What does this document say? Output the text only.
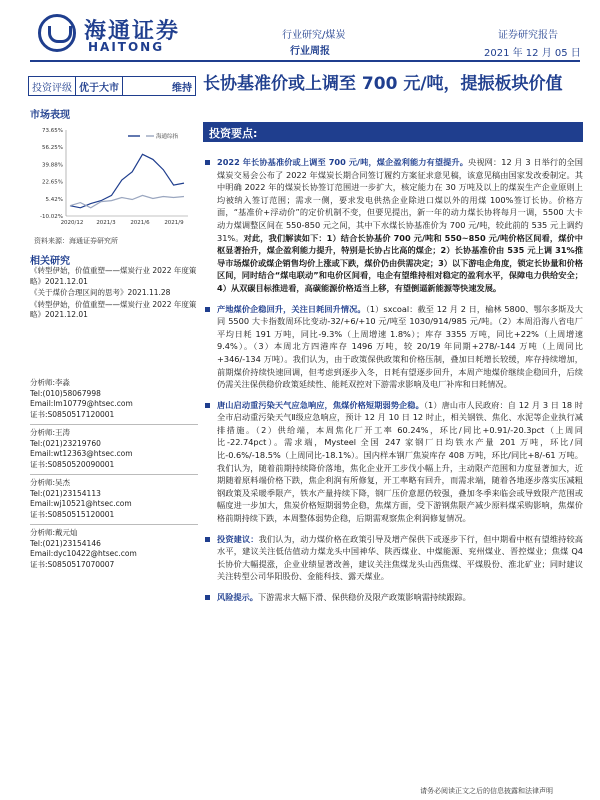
海通证券
HAITONG
行业研究/煤炭
行业周报
证券研究报告
2021 年 12 月 05 日
投资评级 优于大市	维持 长协基准价或上调至 700 元/吨，提振板块价值
市场表现
73.65%
56.25%
39.88%
22.65%
5.42%
-10.02%
2020/12 2021/3	2021/6	2021/9
海通综指
资料来源：海通证券研究所
相关研究
《转型伊始，价值重塑——煤炭行业 2022 年度策略》2021.12.01
《关于煤价合理区间的思考》2021.11.28
《转型伊始，价值重塑——煤炭行业 2022 年度策略》2021.12.01
分析师:李淼
Tel:(010)58067998
Email:lm10779@htsec.com
证书:S0850517120001
分析师:王涛
Tel:(021)23219760
Email:wt12363@htsec.com
证书:S0850520090001
分析师:吴杰
Tel:(021)23154113
Email:wj10521@htsec.com
证书:S0850515120001
分析师:戴元灿
Tel:(021)23154146
Email:dyc10422@htsec.com
证书:S0850517070007
投资要点:
2022 年长协基准价或上调至 700 元/吨，煤企盈利能力有望提升。央视网：12 月 3 日举行的全国煤炭交易会公布了 2022 年煤炭长期合同签订履约方案征求意见稿，该意见稿由国家发改委制定。其中明确 2022 年的煤炭长协签订范围进一步扩大，核定能力在 30 万吨及以上的煤炭生产企业原则上均被纳入签订范围；需求一侧，要求发电供热企业除进口煤以外的用煤 100%签订长协。价格方面，“基准价+浮动价”的定价机制不变，但要见提出，新一年的动力煤长协将每月一调，5500 大卡动力煤调整区间在 550-850 元之间，其中下水煤长协基准价为 700 元/吨，较此前的 535 元上调约 31%。对此，我们解读如下：1）结合长协基价 700 元/吨和 550~850 元/吨价格区间看，煤价中枢显著抬升，煤企盈利能力提升，特别是长协占比高的煤企；2）长协基准价由 535 元上调 31%推导市场煤价或煤企销售均价上涨或下跌，煤价仍由供需决定；3）以下游电企角度，锁定长协量和价格区间，同时结合“煤电联动”和电价区间看，电企有望维持相对稳定的盈利水平，保障电力供给安全；4）从双碳目标推进看，高碳能源价格适当上移，有望倒逼新能源等快速发展。
产地煤价企稳回升，关注日耗回升情况。（1）sxcoal：截至 12 月 2 日，榆林 5800、鄂尔多斯及大同 5500 大卡指数周环比变动-32/+6/+10 元/吨至 1030/914/985 元/吨。（2）本周沿海八省电厂平均日耗 191 万吨，同比-9.3%（上周增速 1.8%）；库存 3355 万吨，同比+22%（上周增速 9.4%）。（3）本周北方四港库存 1496 万吨，较 20/19 年同期+278/-144 万吨（上周同比+346/-134 万吨）。我们认为，由于政策保供政策和价格压制，叠加日耗增长较缓，库存持续增加，前期煤价持续快速回调，但考虑到逐步入冬，日耗有望逐步回升，本周产地煤价继续企稳回升，后续仍需关注保供稳价政策延续性、能耗双控对下游需求影响及电厂补库和日耗情况。
唐山启动重污染天气应急响应，焦煤价格短期弱势企稳。（1）唐山市人民政府：自 12 月 3 日 18 时全市启动重污染天气Ⅱ级应急响应，预计 12 月 10 日 12 时止，相关钢铁、焦化、水泥等企业执行减排措施。（2）供给端，本周焦化厂开工率 60.24%，环比/同比+0.91/-20.3pct（上周同比-22.74pct）。需求端，Mysteel 全国 247 家钢厂日均铁水产量 201 万吨，环比/同比-0.6%/-18.5%（上周同比-18.1%）。国内样本钢厂焦炭库存 408 万吨，环比/同比+8/-61 万吨。我们认为，随着前期持续降价落地，焦化企业开工步伐小幅上升，主动限产范围和力度显著加大，近期随着原料端价格下跌，焦企利润有所修复，开工率略有回升，而需求端，随着各地逐步落实压减粗钢政策及采暖季限产，铁水产量持续下降，钢厂压价意愿仍较强，叠加冬季来临会或导致限产范围或幅度进一步加大，焦炭价格短期弱势企稳，焦煤方面，受下游钢焦限产减少原料煤采购影响，焦煤价格前期持续下跌，本周整体弱势企稳，后期需观察焦企利润修复情况。
投资建议：我们认为，动力煤价格在政策引导及增产保供下或逐步下行，但中期看中枢有望维持较高水平，建议关注低估值动力煤龙头中国神华、陕西煤业、中煤能源、兖州煤业、晋控煤业；焦煤 Q4 长协价大幅提涨，企业业绩显著改善，建议关注焦煤龙头山西焦煤、平煤股份、淮北矿业；同时建议关注转型公司华阳股份、金能科技、露天煤业。
风险提示。下游需求大幅下滑、保供稳价及限产政策影响需持续跟踪。
请务必阅读正文之后的信息披露和法律声明
